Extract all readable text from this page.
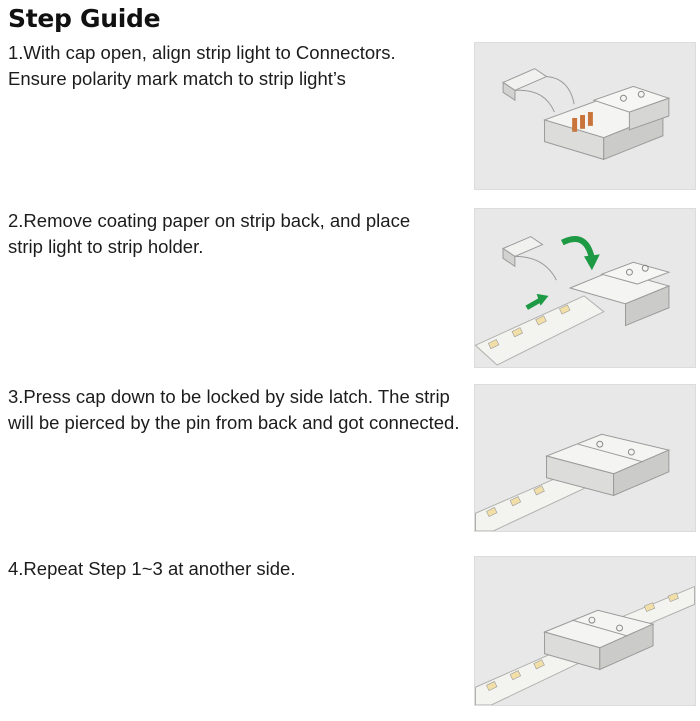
Step Guide
1.With cap open, align strip light to Connectors.
Ensure polarity mark match to strip light’s
2.Remove coating paper on strip back, and place
strip light to strip holder.
3.Press cap down to be locked by side latch. The strip
will be pierced by the pin from back and got connected.
4.Repeat Step 1~3 at another side.
